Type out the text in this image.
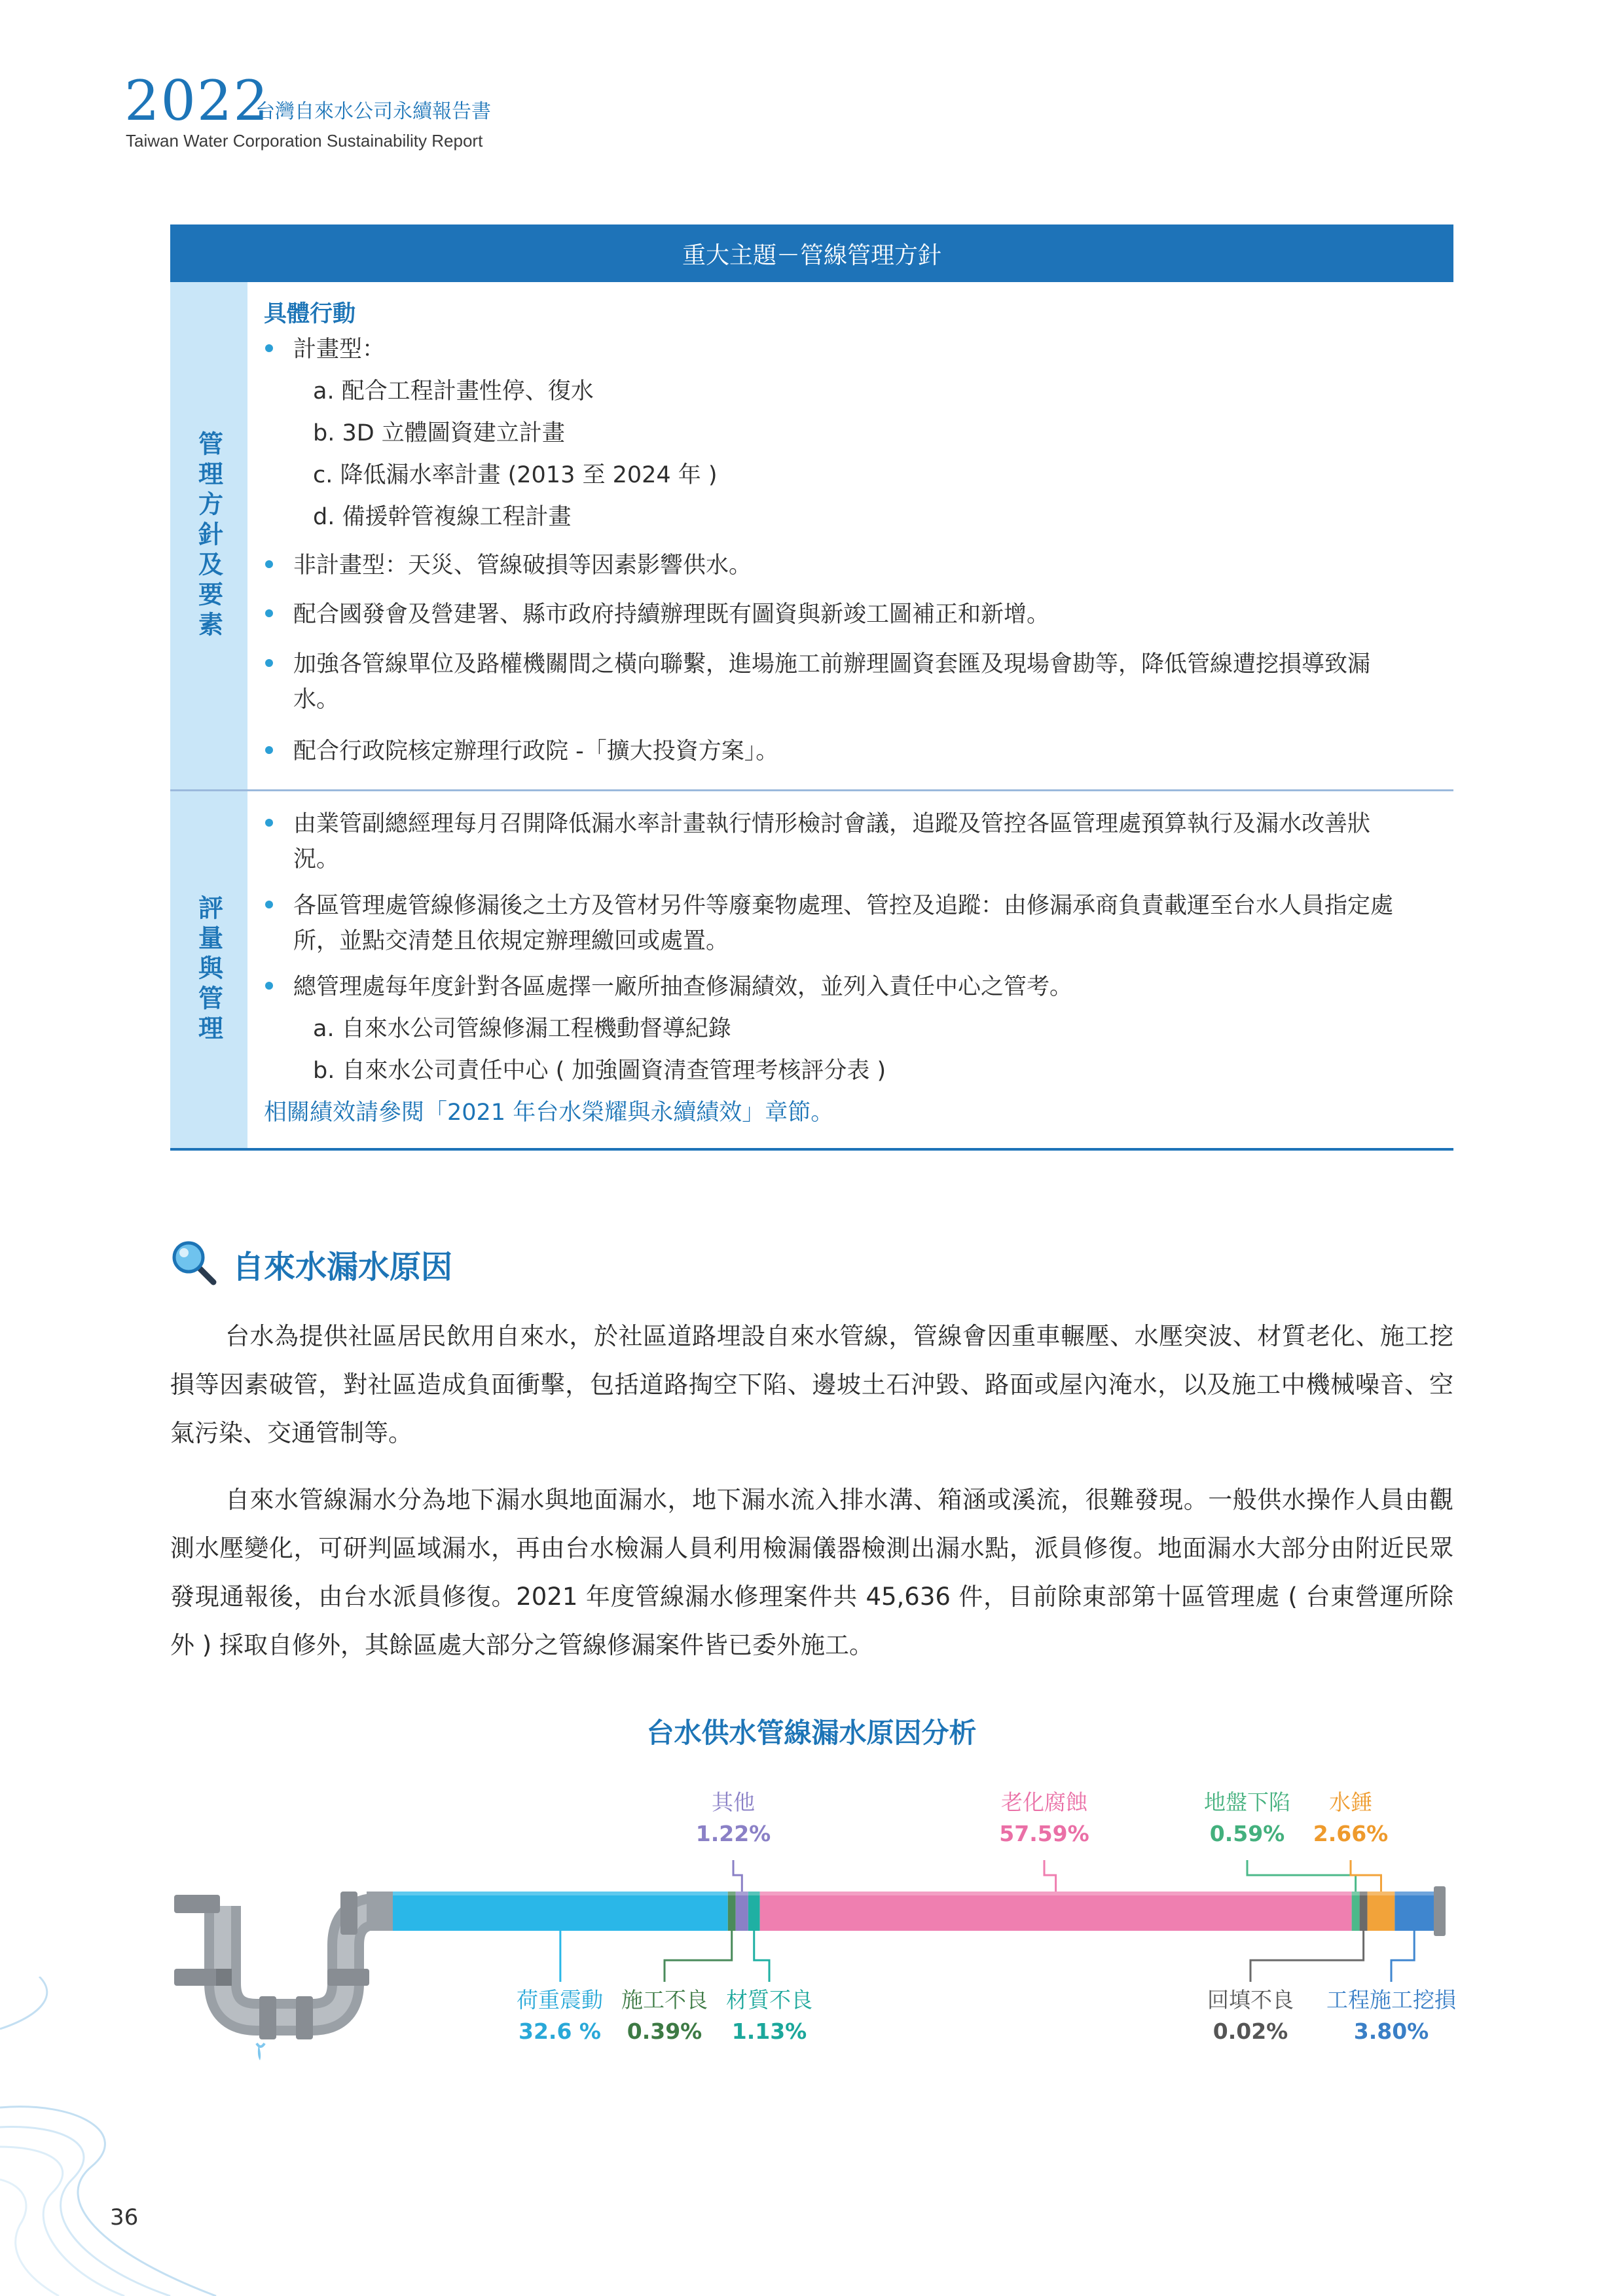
2022
台灣自來水公司永續報告書
Taiwan Water Corporation Sustainability Report
重大主題－管線管理方針
管理方針及要素
具體行動
計畫型：
a. 配合工程計畫性停、復水
b. 3D 立體圖資建立計畫
c. 降低漏水率計畫 (2013 至 2024 年 )
d. 備援幹管複線工程計畫
非計畫型：天災、管線破損等因素影響供水。
配合國發會及營建署、縣市政府持續辦理既有圖資與新竣工圖補正和新增。
加強各管線單位及路權機關間之橫向聯繫，進場施工前辦理圖資套匯及現場會勘等，降低管線遭挖損導致漏水。
配合行政院核定辦理行政院 -「擴大投資方案」。
評量與管理
由業管副總經理每月召開降低漏水率計畫執行情形檢討會議，追蹤及管控各區管理處預算執行及漏水改善狀況。
各區管理處管線修漏後之土方及管材另件等廢棄物處理、管控及追蹤：由修漏承商負責載運至台水人員指定處所，並點交清楚且依規定辦理繳回或處置。
總管理處每年度針對各區處擇一廠所抽查修漏績效，並列入責任中心之管考。
a. 自來水公司管線修漏工程機動督導紀錄
b. 自來水公司責任中心 ( 加強圖資清查管理考核評分表 )
相關績效請參閱「2021 年台水榮耀與永續績效」章節。
自來水漏水原因
台水為提供社區居民飲用自來水，於社區道路埋設自來水管線，管線會因重車輾壓、水壓突波、材質老化、施工挖損等因素破管，對社區造成負面衝擊，包括道路掏空下陷、邊坡土石沖毀、路面或屋內淹水，以及施工中機械噪音、空氣污染、交通管制等。
自來水管線漏水分為地下漏水與地面漏水，地下漏水流入排水溝、箱涵或溪流，很難發現。一般供水操作人員由觀測水壓變化，可研判區域漏水，再由台水檢漏人員利用檢漏儀器檢測出漏水點，派員修復。地面漏水大部分由附近民眾發現通報後，由台水派員修復。2021 年度管線漏水修理案件共 45,636 件，目前除東部第十區管理處 ( 台東營運所除外 ) 採取自修外，其餘區處大部分之管線修漏案件皆已委外施工。
台水供水管線漏水原因分析
荷重震動
32.6 %
施工不良
0.39%
其他
1.22%
材質不良
1.13%
老化腐蝕
57.59%
地盤下陷
0.59%
回填不良
0.02%
水錘
2.66%
工程施工挖損
3.80%
36
